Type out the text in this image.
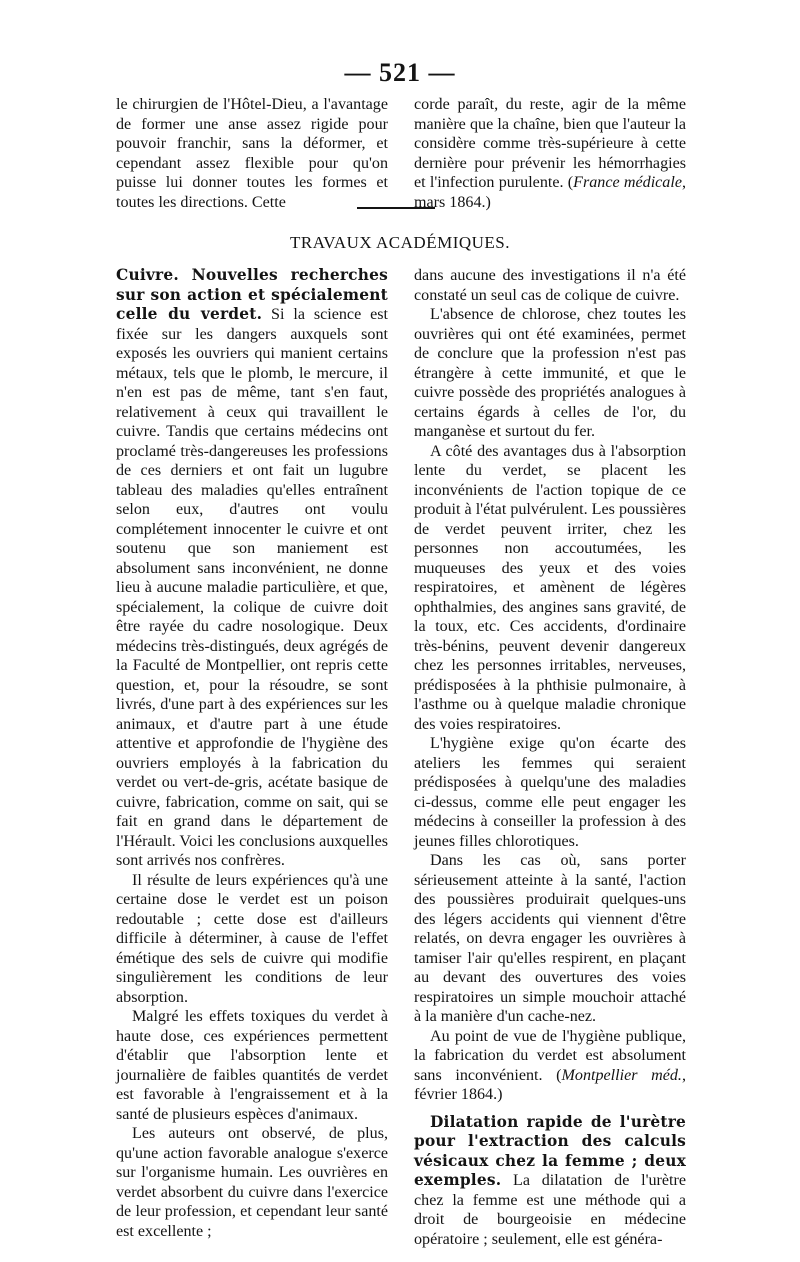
— 521 —

le chirurgien de l'Hôtel-Dieu, a l'avantage de former une anse assez rigide pour pouvoir franchir, sans la déformer, et cependant assez flexible pour qu'on puisse lui donner toutes les formes et toutes les directions. Cette

corde paraît, du reste, agir de la même manière que la chaîne, bien que l'auteur la considère comme très-supérieure à cette dernière pour prévenir les hémorrhagies et l'infection purulente. (France médicale, mars 1864.)

TRAVAUX ACADÉMIQUES.

Cuivre. Nouvelles recherches sur son action et spécialement celle du verdet. Si la science est fixée sur les dangers auxquels sont exposés les ouvriers qui manient certains métaux, tels que le plomb, le mercure, il n'en est pas de même, tant s'en faut, relativement à ceux qui travaillent le cuivre. Tandis que certains médecins ont proclamé très-dangereuses les professions de ces derniers et ont fait un lugubre tableau des maladies qu'elles entraînent selon eux, d'autres ont voulu complétement innocenter le cuivre et ont soutenu que son maniement est absolument sans inconvénient, ne donne lieu à aucune maladie particulière, et que, spécialement, la colique de cuivre doit être rayée du cadre nosologique. Deux médecins très-distingués, deux agrégés de la Faculté de Montpellier, ont repris cette question, et, pour la résoudre, se sont livrés, d'une part à des expériences sur les animaux, et d'autre part à une étude attentive et approfondie de l'hygiène des ouvriers employés à la fabrication du verdet ou vert-de-gris, acétate basique de cuivre, fabrication, comme on sait, qui se fait en grand dans le département de l'Hérault. Voici les conclusions auxquelles sont arrivés nos confrères.

Il résulte de leurs expériences qu'à une certaine dose le verdet est un poison redoutable ; cette dose est d'ailleurs difficile à déterminer, à cause de l'effet émétique des sels de cuivre qui modifie singulièrement les conditions de leur absorption.

Malgré les effets toxiques du verdet à haute dose, ces expériences permettent d'établir que l'absorption lente et journalière de faibles quantités de verdet est favorable à l'engraissement et à la santé de plusieurs espèces d'animaux.

Les auteurs ont observé, de plus, qu'une action favorable analogue s'exerce sur l'organisme humain. Les ouvrières en verdet absorbent du cuivre dans l'exercice de leur profession, et cependant leur santé est excellente ;

dans aucune des investigations il n'a été constaté un seul cas de colique de cuivre.

L'absence de chlorose, chez toutes les ouvrières qui ont été examinées, permet de conclure que la profession n'est pas étrangère à cette immunité, et que le cuivre possède des propriétés analogues à certains égards à celles de l'or, du manganèse et surtout du fer.

A côté des avantages dus à l'absorption lente du verdet, se placent les inconvénients de l'action topique de ce produit à l'état pulvérulent. Les poussières de verdet peuvent irriter, chez les personnes non accoutumées, les muqueuses des yeux et des voies respiratoires, et amènent de légères ophthalmies, des angines sans gravité, de la toux, etc. Ces accidents, d'ordinaire très-bénins, peuvent devenir dangereux chez les personnes irritables, nerveuses, prédisposées à la phthisie pulmonaire, à l'asthme ou à quelque maladie chronique des voies respiratoires.

L'hygiène exige qu'on écarte des ateliers les femmes qui seraient prédisposées à quelqu'une des maladies ci-dessus, comme elle peut engager les médecins à conseiller la profession à des jeunes filles chlorotiques.

Dans les cas où, sans porter sérieusement atteinte à la santé, l'action des poussières produirait quelques-uns des légers accidents qui viennent d'être relatés, on devra engager les ouvrières à tamiser l'air qu'elles respirent, en plaçant au devant des ouvertures des voies respiratoires un simple mouchoir attaché à la manière d'un cache-nez.

Au point de vue de l'hygiène publique, la fabrication du verdet est absolument sans inconvénient. (Montpellier méd., février 1864.)

Dilatation rapide de l'urètre pour l'extraction des calculs vésicaux chez la femme ; deux exemples. La dilatation de l'urètre chez la femme est une méthode qui a droit de bourgeoisie en médecine opératoire ; seulement, elle est généra-
